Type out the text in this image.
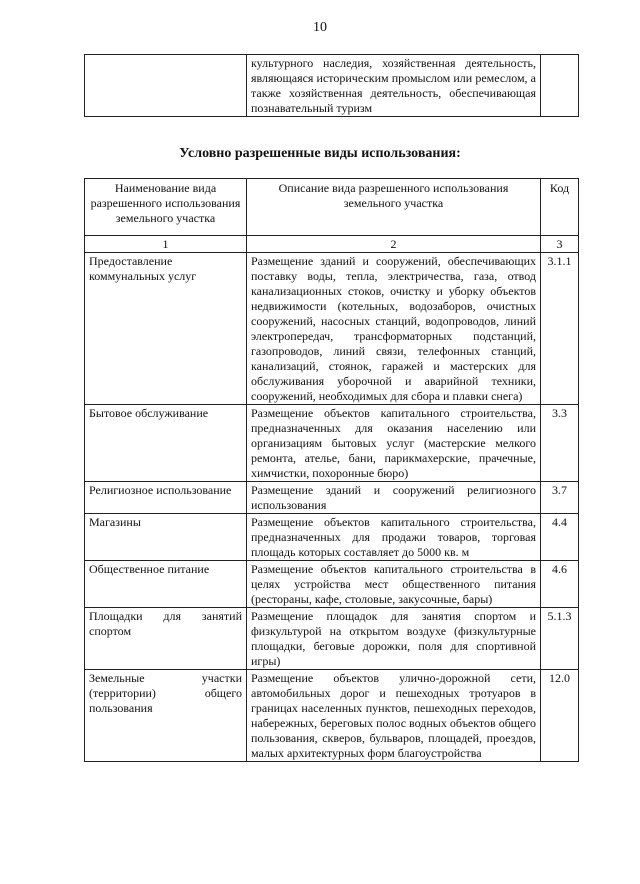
10
	культурного наследия, хозяйственная деятельность, являющаяся историческим промыслом или ремеслом, а также хозяйственная деятельность, обеспечивающая познавательный туризм	
Условно разрешенные виды использования:
Наименование вида разрешенного использования земельного участка	Описание вида разрешенного использования земельного участка	Код
1	2	3
Предоставление коммунальных услуг	Размещение зданий и сооружений, обеспечивающих поставку воды, тепла, электричества, газа, отвод канализационных стоков, очистку и уборку объектов недвижимости (котельных, водозаборов, очистных сооружений, насосных станций, водопроводов, линий электропередач, трансформаторных подстанций, газопроводов, линий связи, телефонных станций, канализаций, стоянок, гаражей и мастерских для обслуживания уборочной и аварийной техники, сооружений, необходимых для сбора и плавки снега)	3.1.1
Бытовое обслуживание	Размещение объектов капитального строительства, предназначенных для оказания населению или организациям бытовых услуг (мастерские мелкого ремонта, ателье, бани, парикмахерские, прачечные, химчистки, похоронные бюро)	3.3
Религиозное использование	Размещение зданий и сооружений религиозного использования	3.7
Магазины	Размещение объектов капитального строительства, предназначенных для продажи товаров, торговая площадь которых составляет до 5000 кв. м	4.4
Общественное питание	Размещение объектов капитального строительства в целях устройства мест общественного питания (рестораны, кафе, столовые, закусочные, бары)	4.6
Площадки для занятий спортом	Размещение площадок для занятия спортом и физкультурой на открытом воздухе (физкультурные площадки, беговые дорожки, поля для спортивной игры)	5.1.3
Земельные участки (территории) общего пользования	Размещение объектов улично-дорожной сети, автомобильных дорог и пешеходных тротуаров в границах населенных пунктов, пешеходных переходов, набережных, береговых полос водных объектов общего пользования, скверов, бульваров, площадей, проездов, малых архитектурных форм благоустройства	12.0
